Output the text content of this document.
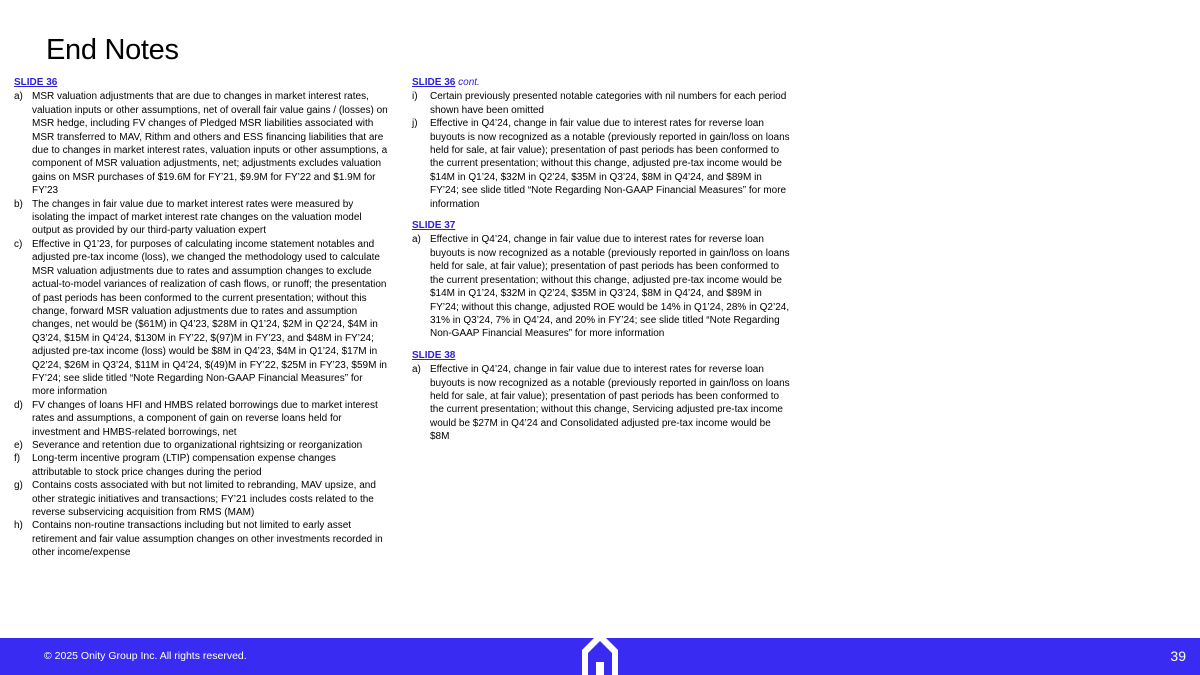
End Notes
SLIDE 36
a) MSR valuation adjustments that are due to changes in market interest rates, valuation inputs or other assumptions, net of overall fair value gains / (losses) on MSR hedge, including FV changes of Pledged MSR liabilities associated with MSR transferred to MAV, Rithm and others and ESS financing liabilities that are due to changes in market interest rates, valuation inputs or other assumptions, a component of MSR valuation adjustments, net; adjustments excludes valuation gains on MSR purchases of $19.6M for FY’21, $9.9M for FY’22 and $1.9M for FY’23
b) The changes in fair value due to market interest rates were measured by isolating the impact of market interest rate changes on the valuation model output as provided by our third-party valuation expert
c) Effective in Q1’23, for purposes of calculating income statement notables and adjusted pre-tax income (loss), we changed the methodology used to calculate MSR valuation adjustments due to rates and assumption changes to exclude actual-to-model variances of realization of cash flows, or runoff; the presentation of past periods has been conformed to the current presentation; without this change, forward MSR valuation adjustments due to rates and assumption changes, net would be ($61M) in Q4’23, $28M in Q1’24, $2M in Q2’24, $4M in Q3’24, $15M in Q4’24, $130M in FY’22, $(97)M in FY’23, and $48M in FY’24; adjusted pre-tax income (loss) would be $8M in Q4’23, $4M in Q1’24, $17M in Q2’24, $26M in Q3’24, $11M in Q4’24, $(49)M in FY’22, $25M in FY’23, $59M in FY’24; see slide titled “Note Regarding Non-GAAP Financial Measures” for more information
d) FV changes of loans HFI and HMBS related borrowings due to market interest rates and assumptions, a component of gain on reverse loans held for investment and HMBS-related borrowings, net
e) Severance and retention due to organizational rightsizing or reorganization
f)	Long-term incentive program (LTIP) compensation expense changes attributable to stock price changes during the period
g) Contains costs associated with but not limited to rebranding, MAV upsize, and other strategic initiatives and transactions; FY’21 includes costs related to the reverse subservicing acquisition from RMS (MAM)
h) Contains non-routine transactions including but not limited to early asset retirement and fair value assumption changes on other investments recorded in other income/expense
SLIDE 36 cont.
i)	Certain previously presented notable categories with nil numbers for each period shown have been omitted
j)	Effective in Q4’24, change in fair value due to interest rates for reverse loan buyouts is now recognized as a notable (previously reported in gain/loss on loans held for sale, at fair value); presentation of past periods has been conformed to the current presentation; without this change, adjusted pre-tax income would be $14M in Q1’24, $32M in Q2’24, $35M in Q3’24, $8M in Q4’24, and $89M in FY’24; see slide titled “Note Regarding Non-GAAP Financial Measures” for more information
SLIDE 37
a) Effective in Q4’24, change in fair value due to interest rates for reverse loan buyouts is now recognized as a notable (previously reported in gain/loss on loans held for sale, at fair value); presentation of past periods has been conformed to the current presentation; without this change, adjusted pre-tax income would be $14M in Q1’24, $32M in Q2’24, $35M in Q3’24, $8M in Q4’24, and $89M in FY’24; without this change, adjusted ROE would be 14% in Q1’24, 28% in Q2’24, 31% in Q3’24, 7% in Q4’24, and 20% in FY’24; see slide titled “Note Regarding Non-GAAP Financial Measures” for more information
SLIDE 38
a) Effective in Q4’24, change in fair value due to interest rates for reverse loan buyouts is now recognized as a notable (previously reported in gain/loss on loans held for sale, at fair value); presentation of past periods has been conformed to the current presentation; without this change, Servicing adjusted pre-tax income would be $27M in Q4’24 and Consolidated adjusted pre-tax income would be $8M
© 2025 Onity Group Inc. All rights reserved.	39
